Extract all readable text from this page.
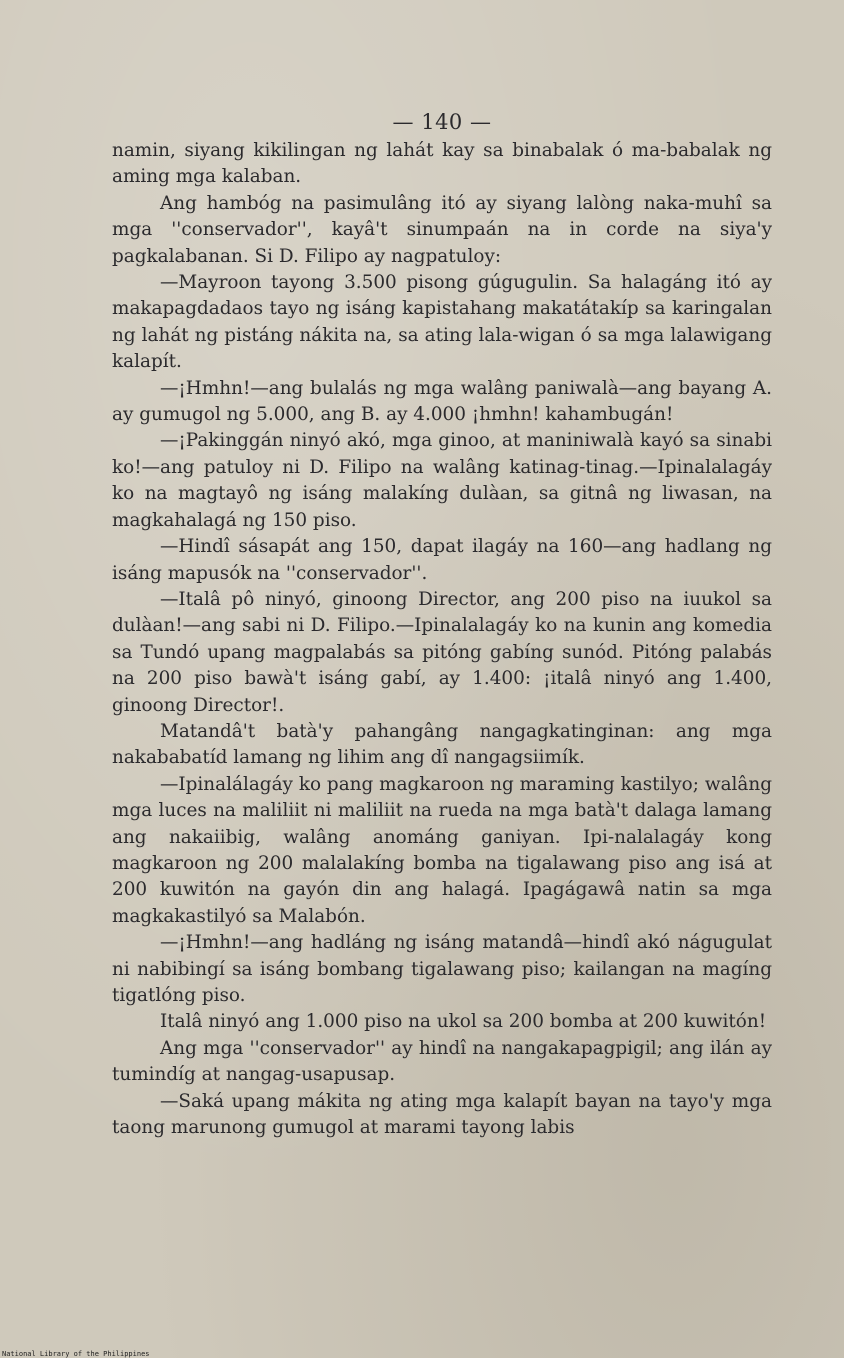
— 140 —

namin, siyang kikilingan ng lahát kay sa binabalak ó ma-babalak ng aming mga kalaban.

Ang hambóg na pasimulâng itó ay siyang lalòng naka-muhî sa mga ''conservador'', kayâ't sinumpaán na in corde na siya'y pagkalabanan. Si D. Filipo ay nagpatuloy:

—Mayroon tayong 3.500 pisong gúgugulin. Sa halagáng itó ay makapagdadaos tayo ng isáng kapistahang makatátakíp sa karingalan ng lahát ng pistáng nákita na, sa ating lala-wigan ó sa mga lalawigang kalapít.

—¡Hmhn!—ang bulalás ng mga walâng paniwalà—ang bayang A. ay gumugol ng 5.000, ang B. ay 4.000 ¡hmhn! kahambugán!

—¡Pakinggán ninyó akó, mga ginoo, at maniniwalà kayó sa sinabi ko!—ang patuloy ni D. Filipo na walâng katinag-tinag.—Ipinalalagáy ko na magtayô ng isáng malakíng dulàan, sa gitnâ ng liwasan, na magkahalagá ng 150 piso.

—Hindî sásapát ang 150, dapat ilagáy na 160—ang hadlang ng isáng mapusók na ''conservador''.

—Italâ pô ninyó, ginoong Director, ang 200 piso na iuukol sa dulàan!—ang sabi ni D. Filipo.—Ipinalalagáy ko na kunin ang komedia sa Tundó upang magpalabás sa pitóng gabíng sunód. Pitóng palabás na 200 piso bawà't isáng gabí, ay 1.400: ¡italâ ninyó ang 1.400, ginoong Director!.

Matandâ't batà'y pahangâng nangagkatinginan: ang mga nakababatíd lamang ng lihim ang dî nangagsiimík.

—Ipinalálagáy ko pang magkaroon ng maraming kastilyo; walâng mga luces na maliliit ni maliliit na rueda na mga batà't dalaga lamang ang nakaiibig, walâng anománg ganiyan. Ipi-nalalagáy kong magkaroon ng 200 malalakíng bomba na tigalawang piso ang isá at 200 kuwitón na gayón din ang halagá. Ipagágawâ natin sa mga magkakastilyó sa Malabón.

—¡Hmhn!—ang hadláng ng isáng matandâ—hindî akó nágugulat ni nabibingí sa isáng bombang tigalawang piso; kailangan na magíng tigatlóng piso.

Italâ ninyó ang 1.000 piso na ukol sa 200 bomba at 200 kuwitón!

Ang mga ''conservador'' ay hindî na nangakapagpigil; ang ilán ay tumindíg at nangag-usapusap.

—Saká upang mákita ng ating mga kalapít bayan na tayo'y mga taong marunong gumugol at marami tayong labis

National Library of the Philippines
